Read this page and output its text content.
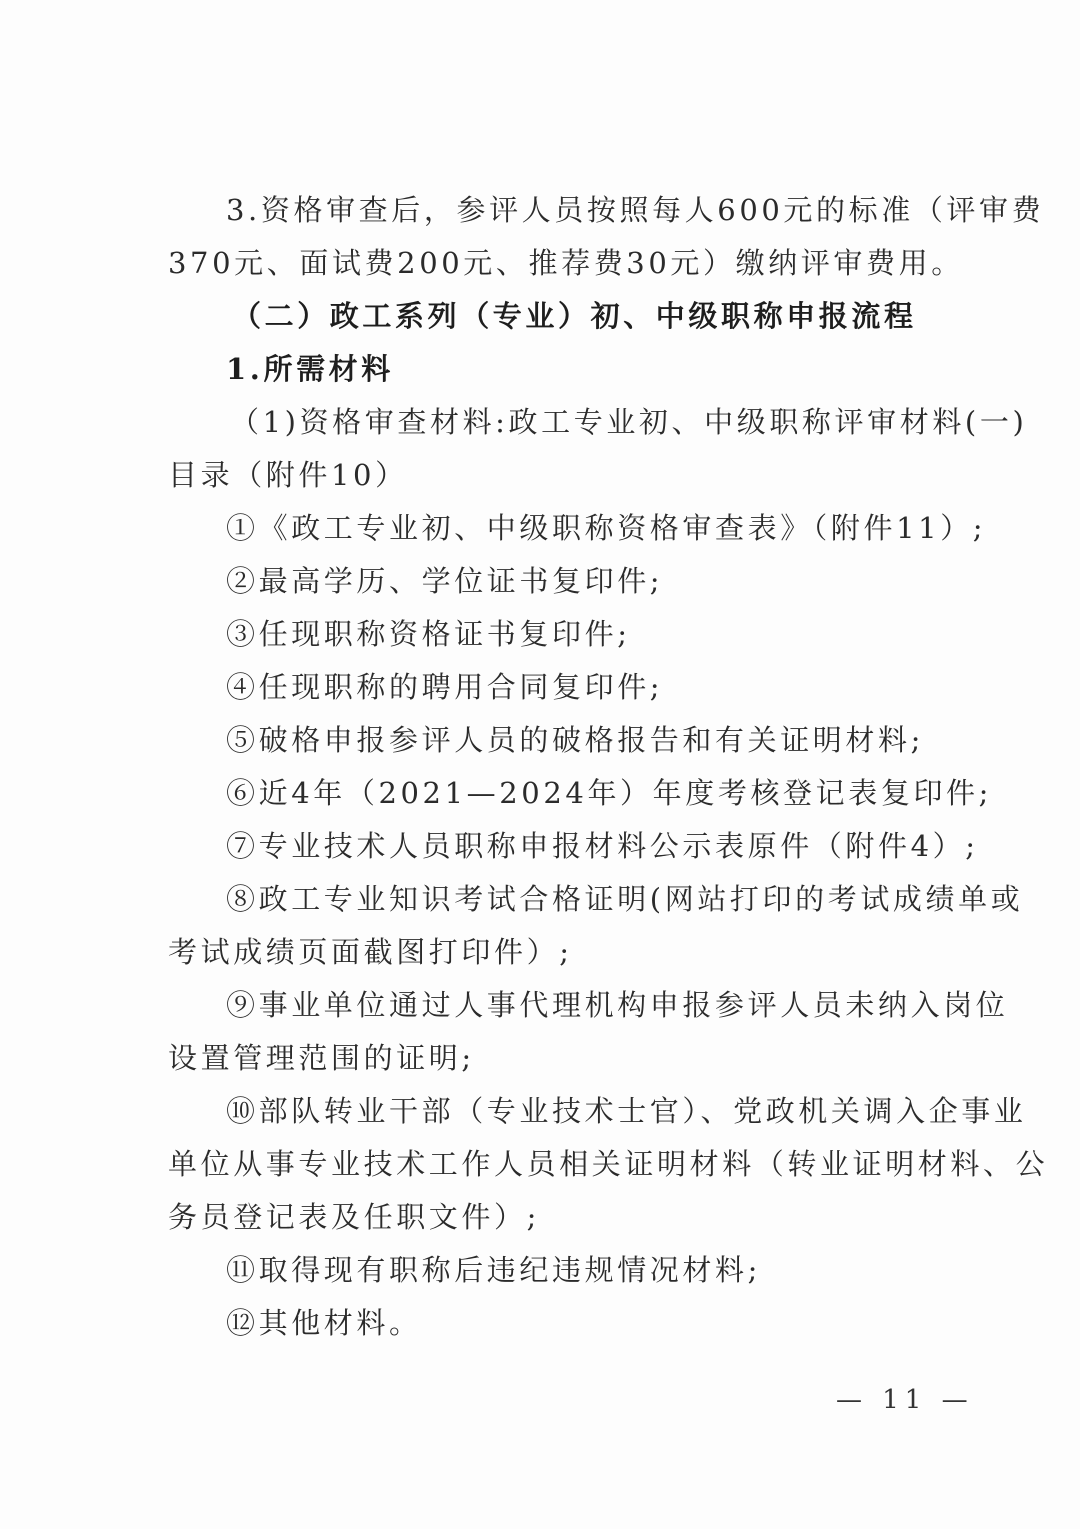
3.资格审查后，参评人员按照每人600元的标准（评审费
370元、面试费200元、推荐费30元）缴纳评审费用。
（二）政工系列（专业）初、中级职称申报流程
1.所需材料
（1)资格审查材料:政工专业初、中级职称评审材料(一)
目录（附件10）
①《政工专业初、中级职称资格审查表》（附件11）;
②最高学历、学位证书复印件;
③任现职称资格证书复印件;
④任现职称的聘用合同复印件;
⑤破格申报参评人员的破格报告和有关证明材料;
⑥近4年（2021—2024年）年度考核登记表复印件;
⑦专业技术人员职称申报材料公示表原件（附件4）;
⑧政工专业知识考试合格证明(网站打印的考试成绩单或
考试成绩页面截图打印件）;
⑨事业单位通过人事代理机构申报参评人员未纳入岗位
设置管理范围的证明;
⑩部队转业干部（专业技术士官）、党政机关调入企事业
单位从事专业技术工作人员相关证明材料（转业证明材料、公
务员登记表及任职文件）;
⑪取得现有职称后违纪违规情况材料;
⑫其他材料。
— 11 —
